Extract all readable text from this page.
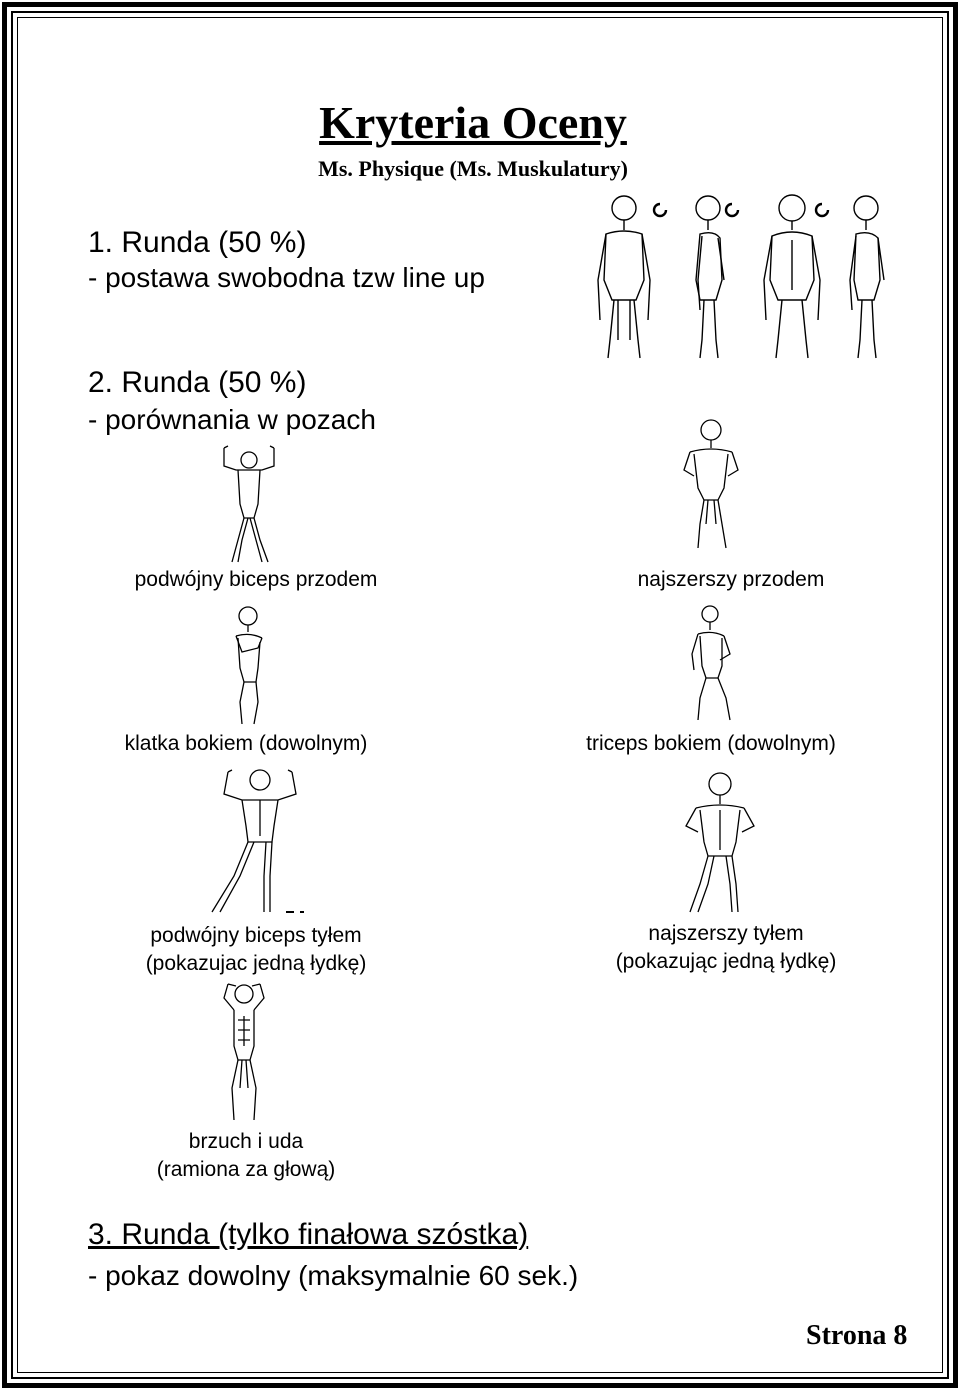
Kryteria Oceny
Ms. Physique (Ms. Muskulatury)
1. Runda (50 %)
- postawa swobodna tzw line up
2. Runda (50 %)
- porównania w pozach
podwójny biceps przodem	najszerszy przodem
klatka bokiem (dowolnym)	triceps bokiem (dowolnym)
podwójny biceps tyłem
(pokazujac jedną łydkę)
najszerszy tyłem
(pokazując jedną łydkę)
brzuch i uda
(ramiona za głową)
3. Runda (tylko finałowa szóstka)
- pokaz dowolny (maksymalnie 60 sek.)
Strona 8
